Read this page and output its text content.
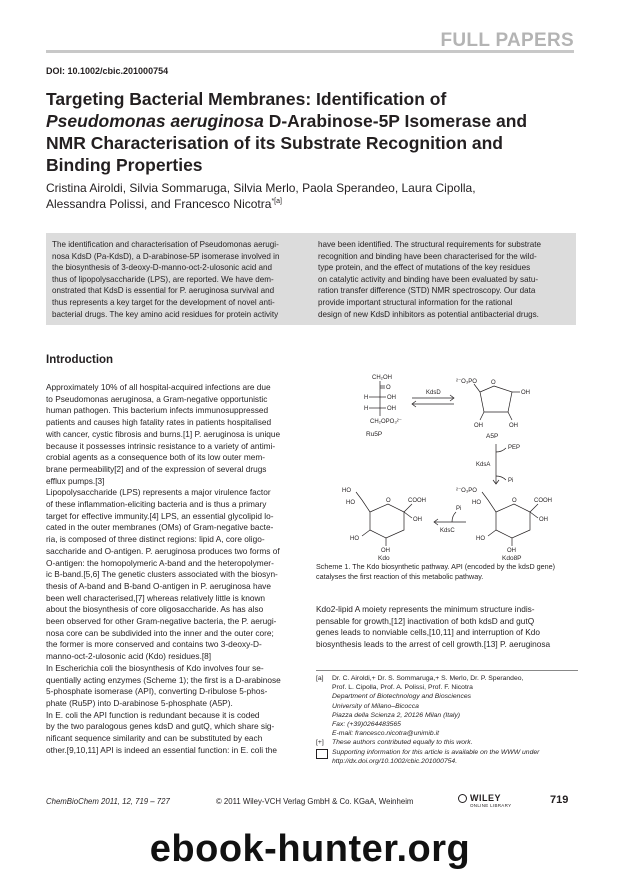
FULL PAPERS
DOI: 10.1002/cbic.201000754
Targeting Bacterial Membranes: Identification of
Pseudomonas aeruginosa D-Arabinose-5P Isomerase and
NMR Characterisation of its Substrate Recognition and
Binding Properties
Cristina Airoldi, Silvia Sommaruga, Silvia Merlo, Paola Sperandeo, Laura Cipolla,
Alessandra Polissi, and Francesco Nicotra$^{*[a]}$
The identification and characterisation of Pseudomonas aerugi-
nosa KdsD (Pa-KdsD), a D-arabinose-5P isomerase involved in
the biosynthesis of 3-deoxy-D-manno-oct-2-ulosonic acid and
thus of lipopolysaccharide (LPS), are reported. We have dem-
onstrated that KdsD is essential for P. aeruginosa survival and
thus represents a key target for the development of novel anti-
bacterial drugs. The key amino acid residues for protein activity
have been identified. The structural requirements for substrate
recognition and binding have been characterised for the wild-
type protein, and the effect of mutations of the key residues
on catalytic activity and binding have been evaluated by satu-
ration transfer difference (STD) NMR spectroscopy. Our data
provide important structural information for the rational
design of new KdsD inhibitors as potential antibacterial drugs.
Introduction
Approximately 10% of all hospital-acquired infections are due
to Pseudomonas aeruginosa, a Gram-negative opportunistic
human pathogen. This bacterium infects immunosuppressed
patients and causes high fatality rates in patients hospitalised
with cancer, cystic fibrosis and burns.[1] P. aeruginosa is unique
because it possesses intrinsic resistance to a variety of antimi-
crobial agents as a consequence both of its low outer mem-
brane permeability[2] and of the expression of several drugs
efflux pumps.[3]
Lipopolysaccharide (LPS) represents a major virulence factor
of these inflammation-eliciting bacteria and is thus a primary
target for effective immunity.[4] LPS, an essential glycolipid lo-
cated in the outer membranes (OMs) of Gram-negative bacte-
ria, is composed of three distinct regions: lipid A, core oligo-
saccharide and O-antigen. P. aeruginosa produces two forms of
O-antigen: the homopolymeric A-band and the heteropolymer-
ic B-band.[5,6] The genetic clusters associated with the biosyn-
thesis of A-band and B-band O-antigen in P. aeruginosa have
been well characterised,[7] whereas relatively little is known
about the biosynthesis of core oligosaccharide. As has also
been observed for other Gram-negative bacteria, the P. aerugi-
nosa core can be subdivided into the inner and the outer core;
the former is more conserved and contains two 3-deoxy-D-
manno-oct-2-ulosonic acid (Kdo) residues.[8]
In Escherichia coli the biosynthesis of Kdo involves four se-
quentially acting enzymes (Scheme 1); the first is a D-arabinose
5-phosphate isomerase (API), converting D-ribulose 5-phos-
phate (Ru5P) into D-arabinose 5-phosphate (A5P).
In E. coli the API function is redundant because it is coded
by the two paralogous genes kdsD and gutQ, which share sig-
nificant sequence similarity and can be substituted by each
other.[9,10,11] API is indeed an essential function: in E. coli the
CH₂OH
O
H	OH
H	OH
CH₂OPO₃²⁻
Ru5P
KdsD
²⁻O₃PO O
OH
OH	OH
A5P
PEP
KdsA
Pi
HO
HO	O	COOH
OH
HO
OH
Kdo
Pi
KdsC
²⁻O₃PO
HO	O	COOH
OH
HO
OH
Kdo8P
Scheme 1. The Kdo biosynthetic pathway. API (encoded by the kdsD gene)
catalyses the first reaction of this metabolic pathway.
Kdo2-lipid A moiety represents the minimum structure indis-
pensable for growth,[12] inactivation of both kdsD and gutQ
genes leads to nonviable cells,[10,11] and interruption of Kdo
biosynthesis leads to the arrest of cell growth.[13] P. aeruginosa
[a] Dr. C. Airoldi,+ Dr. S. Sommaruga,+ S. Merlo, Dr. P. Sperandeo,
Prof. L. Cipolla, Prof. A. Polissi, Prof. F. Nicotra
Department of Biotechnology and Biosciences
University of Milano–Bicocca
Piazza della Scienza 2, 20126 Milan (Italy)
Fax: (+39)0264483565
E-mail: francesco.nicotra@unimib.it
[+] These authors contributed equally to this work.
Supporting information for this article is available on the WWW under
http://dx.doi.org/10.1002/cbic.201000754.
ChemBioChem 2011, 12, 719 – 727	© 2011 Wiley-VCH Verlag GmbH & Co. KGaA, Weinheim	WILEY
ONLINE LIBRARY	719
ebook-hunter.org
